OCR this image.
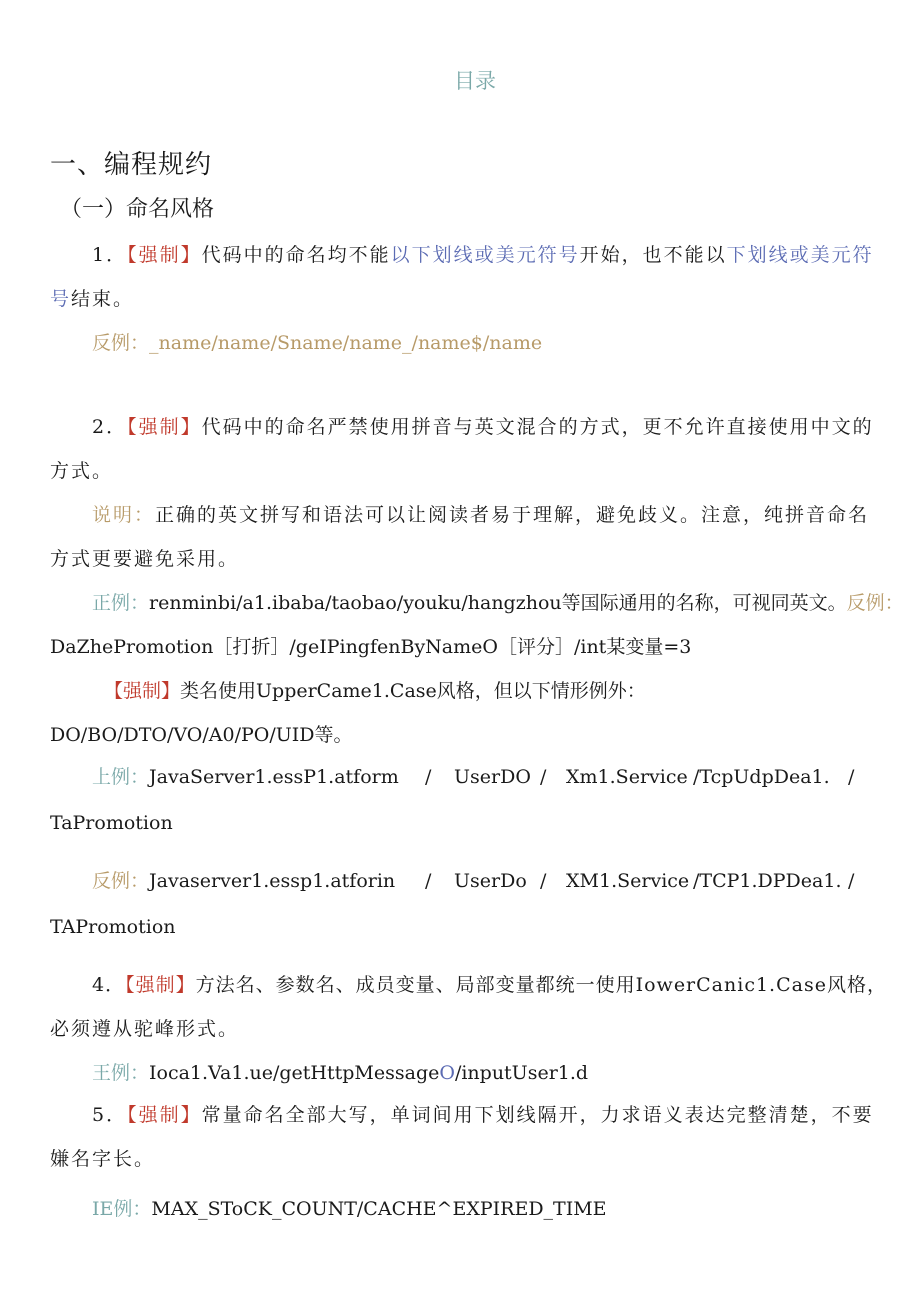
目录
一、编程规约
（一）命名风格
1．【强制】代码中的命名均不能以下划线或美元符号开始，也不能以下划线或美元符
号结束。
反例：_name/name/Sname/name_/name$/name
2．【强制】代码中的命名严禁使用拼音与英文混合的方式，更不允许直接使用中文的
方式。
说明：正确的英文拼写和语法可以让阅读者易于理解，避免歧义。注意，纯拼音命名
方式更要避免采用。
正例：renminbi/a1.ibaba/taobao/youku/hangzhou等国际通用的名称，可视同英文。反例：
DaZhePromotion［打折］/geIPingfenByNameO［评分］/int某变量=3
【强制】类名使用UpperCame1.Case风格，但以下情形例外：
DO/BO/DTO/VO/A0/PO/UID等。
上例： JavaServer1.essP1.atform	/	UserDO /	Xm1.Service /TcpUdpDea1. /
TaPromotion
反例： Javaserver1.essp1.atforin	/	UserDo /	XM1.Service /TCP1.DPDea1. /
TAPromotion
4．【强制】方法名、参数名、成员变量、局部变量都统一使用IowerCanic1.Case风格，
必须遵从驼峰形式。
王例：Ioca1.Va1.ue/getHttpMessageO/inputUser1.d
5．【强制】常量命名全部大写，单词间用下划线隔开，力求语义表达完整清楚，不要
嫌名字长。
IE例：MAX_SToCK_COUNT/CACHE^EXPIRED_TIME
